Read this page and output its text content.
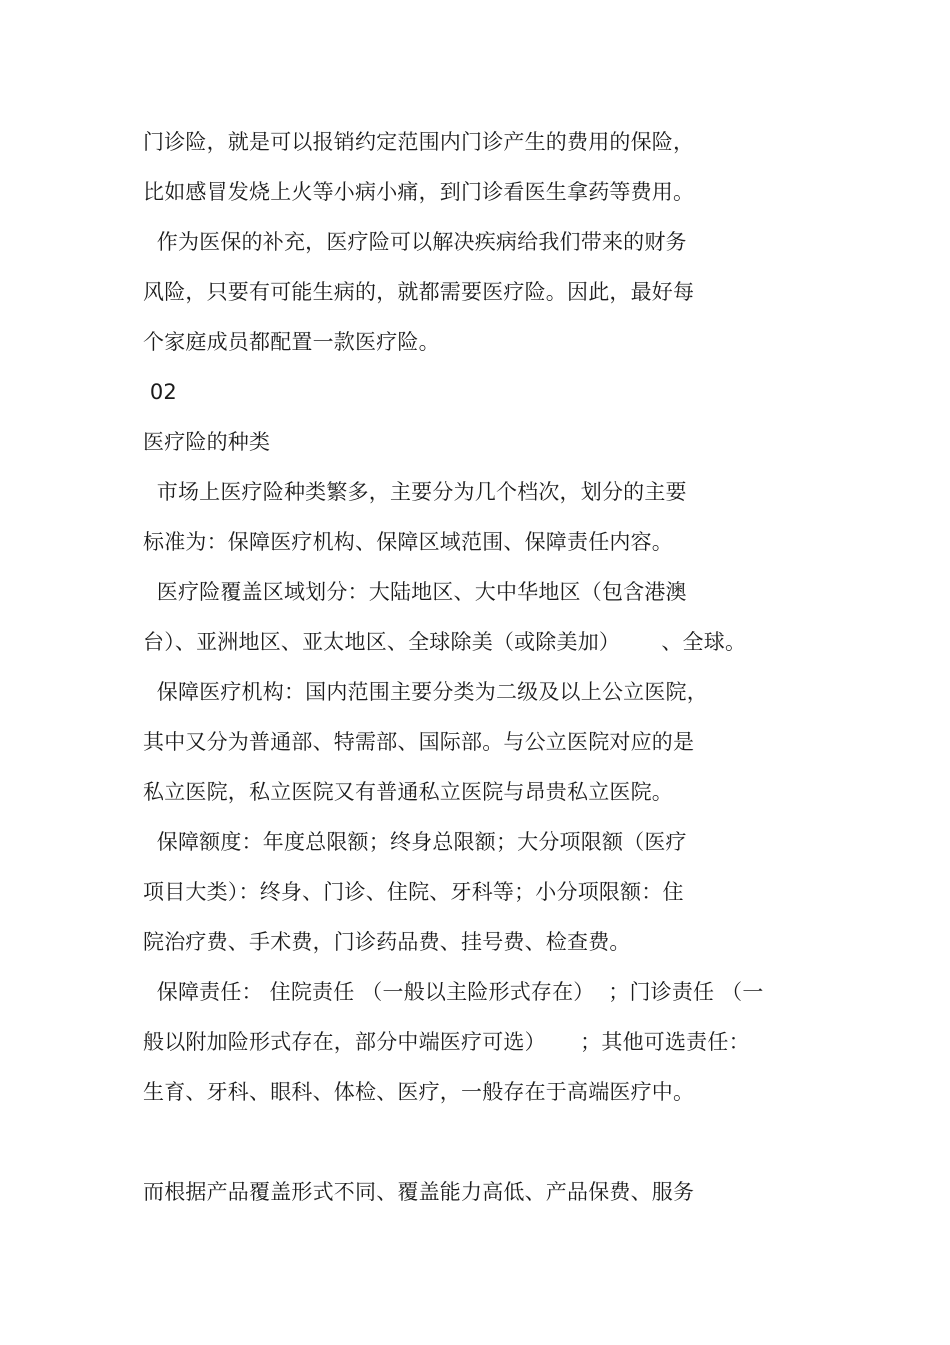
门诊险，就是可以报销约定范围内门诊产生的费用的保险，
比如感冒发烧上火等小病小痛，到门诊看医生拿药等费用。
作为医保的补充，医疗险可以解决疾病给我们带来的财务
风险，只要有可能生病的，就都需要医疗险。因此，最好每
个家庭成员都配置一款医疗险。
02
医疗险的种类
市场上医疗险种类繁多，主要分为几个档次，划分的主要
标准为：保障医疗机构、保障区域范围、保障责任内容。
医疗险覆盖区域划分：大陆地区、大中华地区（包含港澳
台）、亚洲地区、亚太地区、全球除美（或除美加）      、全球。
保障医疗机构：国内范围主要分类为二级及以上公立医院，
其中又分为普通部、特需部、国际部。与公立医院对应的是
私立医院，私立医院又有普通私立医院与昂贵私立医院。
保障额度：年度总限额；终身总限额；大分项限额（医疗
项目大类）：终身、门诊、住院、牙科等；小分项限额：住
院治疗费、手术费，门诊药品费、挂号费、检查费。
保障责任： 住院责任 （一般以主险形式存在）  ；门诊责任 （一
般以附加险形式存在，部分中端医疗可选）     ；其他可选责任：
生育、牙科、眼科、体检、医疗，一般存在于高端医疗中。
而根据产品覆盖形式不同、覆盖能力高低、产品保费、服务
